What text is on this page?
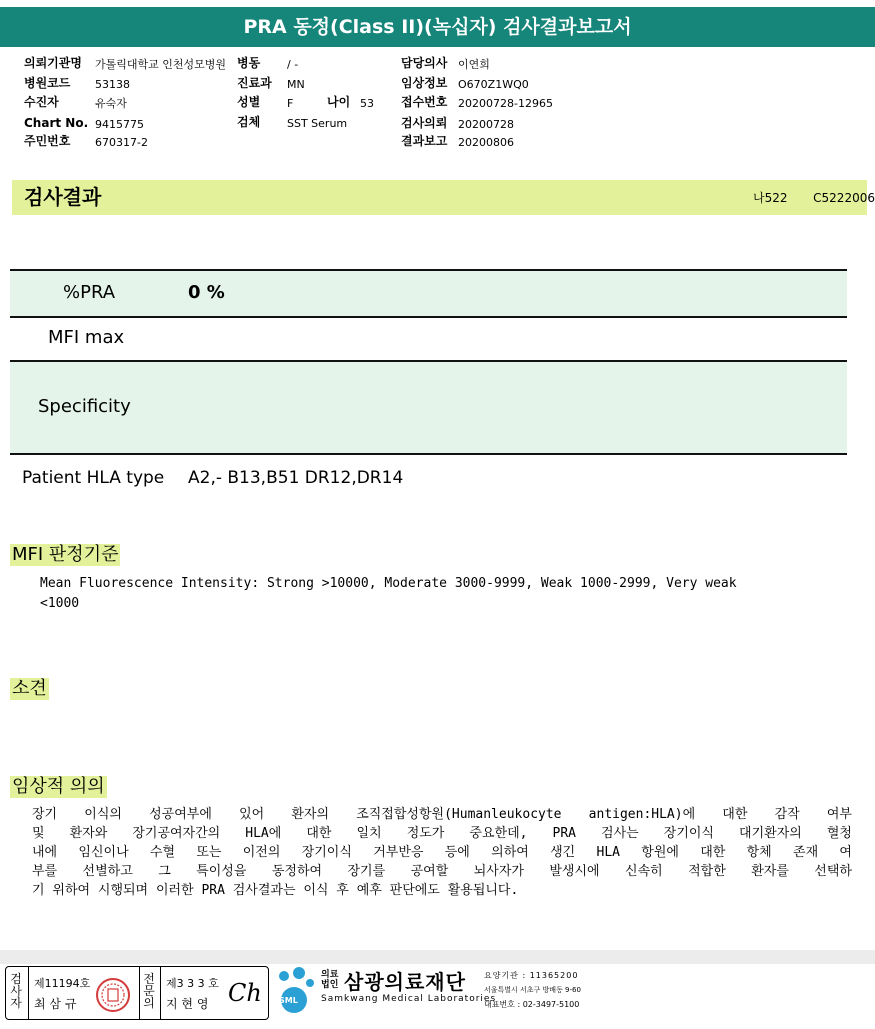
PRA 동정(Class II)(녹십자) 검사결과보고서
의뢰기관명 가톨릭대학교 인천성모병원 병동 / -	담당의사 이연희
병원코드 53138	진료과 MN	임상정보 O670Z1WQ0
수진자	유숙자	성별 F	나이 53 접수번호 20200728-12965
Chart No. 9415775	검체 SST Serum	검사의뢰 20200728
주민번호 670317-2	결과보고 20200806
검사결과	나522 C5222006
%PRA	0 %
MFI max
Specificity
Patient HLA type A2,- B13,B51 DR12,DR14
MFI 판정기준
Mean Fluorescence Intensity: Strong >10000, Moderate 3000-9999, Weak 1000-2999, Very weak
<1000
소견
임상적 의의
장기 이식의 성공여부에 있어 환자의 조직접합성항원(Humanleukocyte antigen:HLA)에 대한 감작 여부
및 환자와 장기공여자간의 HLA에 대한 일치 정도가 중요한데, PRA 검사는 장기이식 대기환자의 혈청
내에 임신이나 수혈 또는 이전의 장기이식 거부반응 등에 의하여 생긴 HLA 항원에 대한 항체 존재 여
부를 선별하고 그 특이성을 동정하여 장기를 공여할 뇌사자가 발생시에 신속히 적합한 환자를 선택하
기 위하여 시행되며 이러한 PRA 검사결과는 이식 후 예후 판단에도 활용됩니다.
검
사
자
제11194호
최 삼 규
전
문
의
제3 3 3 호
지 현 영 Ch SML
의료
법인 삼광의료재단
Samkwang Medical Laboratories
요양기관 : 11365200
서울특별시 서초구 방배동 9-60
대표번호 : 02-3497-5100
